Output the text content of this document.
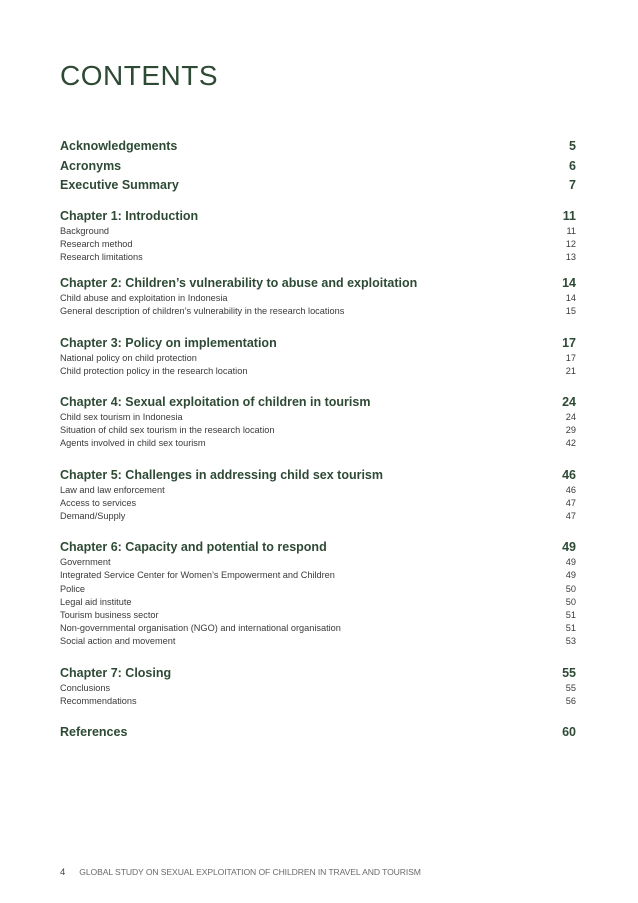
CONTENTS
Acknowledgements	5
Acronyms	6
Executive Summary	7
Chapter 1: Introduction	11
Background	11
Research method	12
Research limitations	13
Chapter 2: Children’s vulnerability to abuse and exploitation	14
Child abuse and exploitation in Indonesia	14
General description of children’s vulnerability in the research locations	15
Chapter 3: Policy on implementation	17
National policy on child protection	17
Child protection policy in the research location	21
Chapter 4: Sexual exploitation of children in tourism	24
Child sex tourism in Indonesia	24
Situation of child sex tourism in the research location	29
Agents involved in child sex tourism	42
Chapter 5: Challenges in addressing child sex tourism	46
Law and law enforcement	46
Access to services	47
Demand/Supply	47
Chapter 6: Capacity and potential to respond	49
Government	49
Integrated Service Center for Women’s Empowerment and Children	49
Police	50
Legal aid institute	50
Tourism business sector	51
Non-governmental organisation (NGO) and international organisation	51
Social action and movement	53
Chapter 7: Closing	55
Conclusions	55
Recommendations	56
References	60
4 GLOBAL STUDY ON SEXUAL EXPLOITATION OF CHILDREN IN TRAVEL AND TOURISM
